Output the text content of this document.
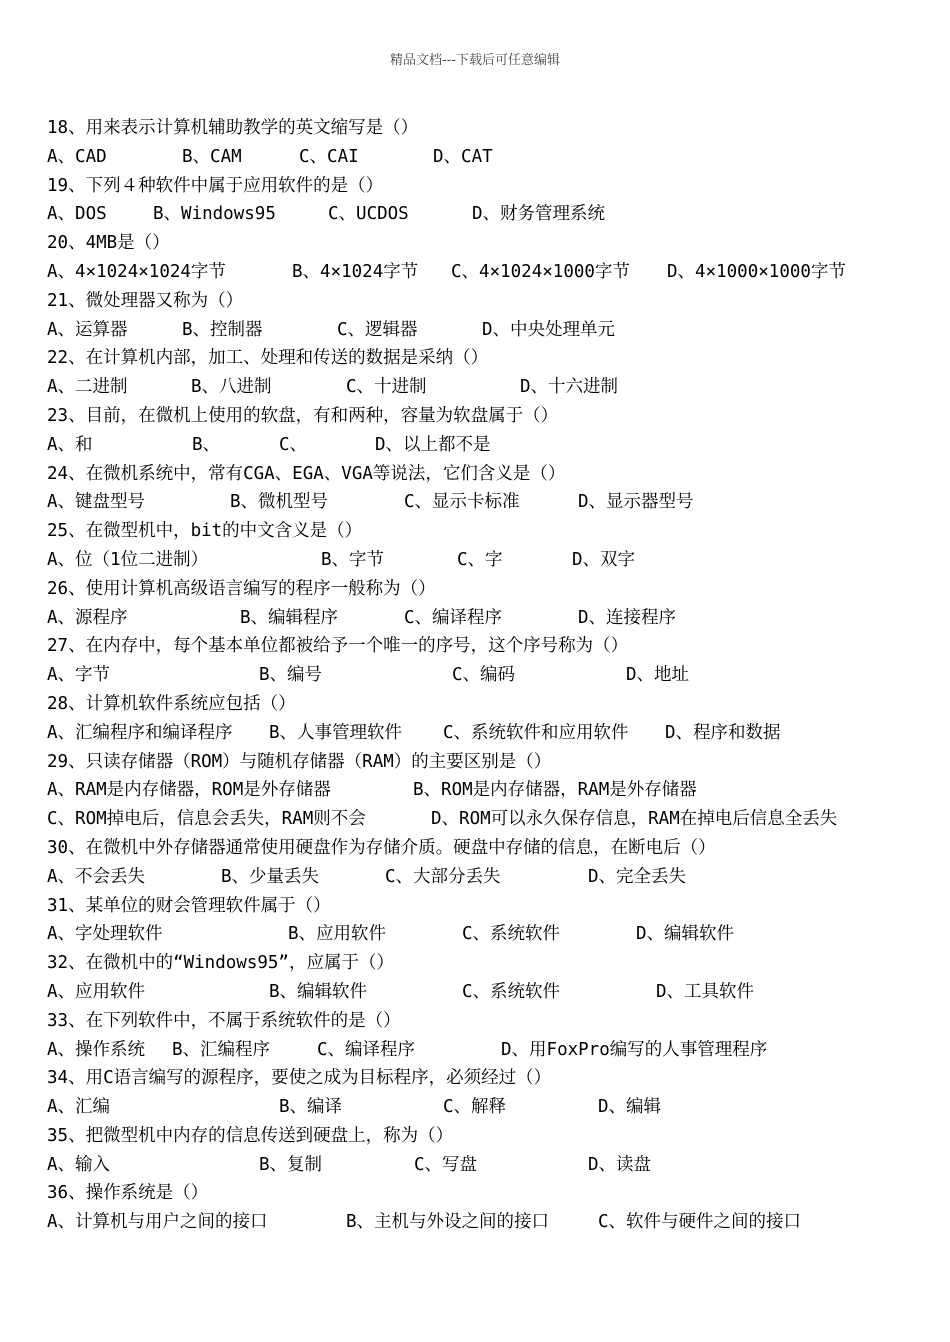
精品文档---下载后可任意编辑
18、用来表示计算机辅助教学的英文缩写是（）
A、CAD	B、CAM	C、CAI	D、CAT
19、下列４种软件中属于应用软件的是（）
A、DOS	B、Windows95	C、UCDOS	D、财务管理系统
20、4MB是（）
A、4×1024×1024字节	B、4×1024字节 C、4×1024×1000字节 D、4×1000×1000字节
21、微处理器又称为（）
A、运算器	B、控制器	C、逻辑器	D、中央处理单元
22、在计算机内部，加工、处理和传送的数据是采纳（）
A、二进制	B、八进制	C、十进制	D、十六进制
23、目前，在微机上使用的软盘，有和两种，容量为软盘属于（）
A、和	B、	C、	D、以上都不是
24、在微机系统中，常有CGA、EGA、VGA等说法，它们含义是（）
A、键盘型号	B、微机型号	C、显示卡标准	D、显示器型号
25、在微型机中，bit的中文含义是（）
A、位（1位二进制）	B、字节	C、字	D、双字
26、使用计算机高级语言编写的程序一般称为（）
A、源程序	B、编辑程序	C、编译程序	D、连接程序
27、在内存中，每个基本单位都被给予一个唯一的序号，这个序号称为（）
A、字节	B、编号	C、编码	D、地址
28、计算机软件系统应包括（）
A、汇编程序和编译程序 B、人事管理软件 C、系统软件和应用软件 D、程序和数据
29、只读存储器（ROM）与随机存储器（RAM）的主要区别是（）
A、RAM是内存储器，ROM是外存储器	B、ROM是内存储器，RAM是外存储器
C、ROM掉电后，信息会丢失，RAM则不会	D、ROM可以永久保存信息，RAM在掉电后信息全丢失
30、在微机中外存储器通常使用硬盘作为存储介质。硬盘中存储的信息，在断电后（）
A、不会丢失	B、少量丢失	C、大部分丢失	D、完全丢失
31、某单位的财会管理软件属于（）
A、字处理软件	B、应用软件	C、系统软件	D、编辑软件
32、在微机中的“Windows95”，应属于（）
A、应用软件	B、编辑软件	C、系统软件	D、工具软件
33、在下列软件中，不属于系统软件的是（）
A、操作系统 B、汇编程序	C、编译程序	D、用FoxPro编写的人事管理程序
34、用C语言编写的源程序，要使之成为目标程序，必须经过（）
A、汇编	B、编译	C、解释	D、编辑
35、把微型机中内存的信息传送到硬盘上，称为（）
A、输入	B、复制	C、写盘	D、读盘
36、操作系统是（）
A、计算机与用户之间的接口	B、主机与外设之间的接口	C、软件与硬件之间的接口
